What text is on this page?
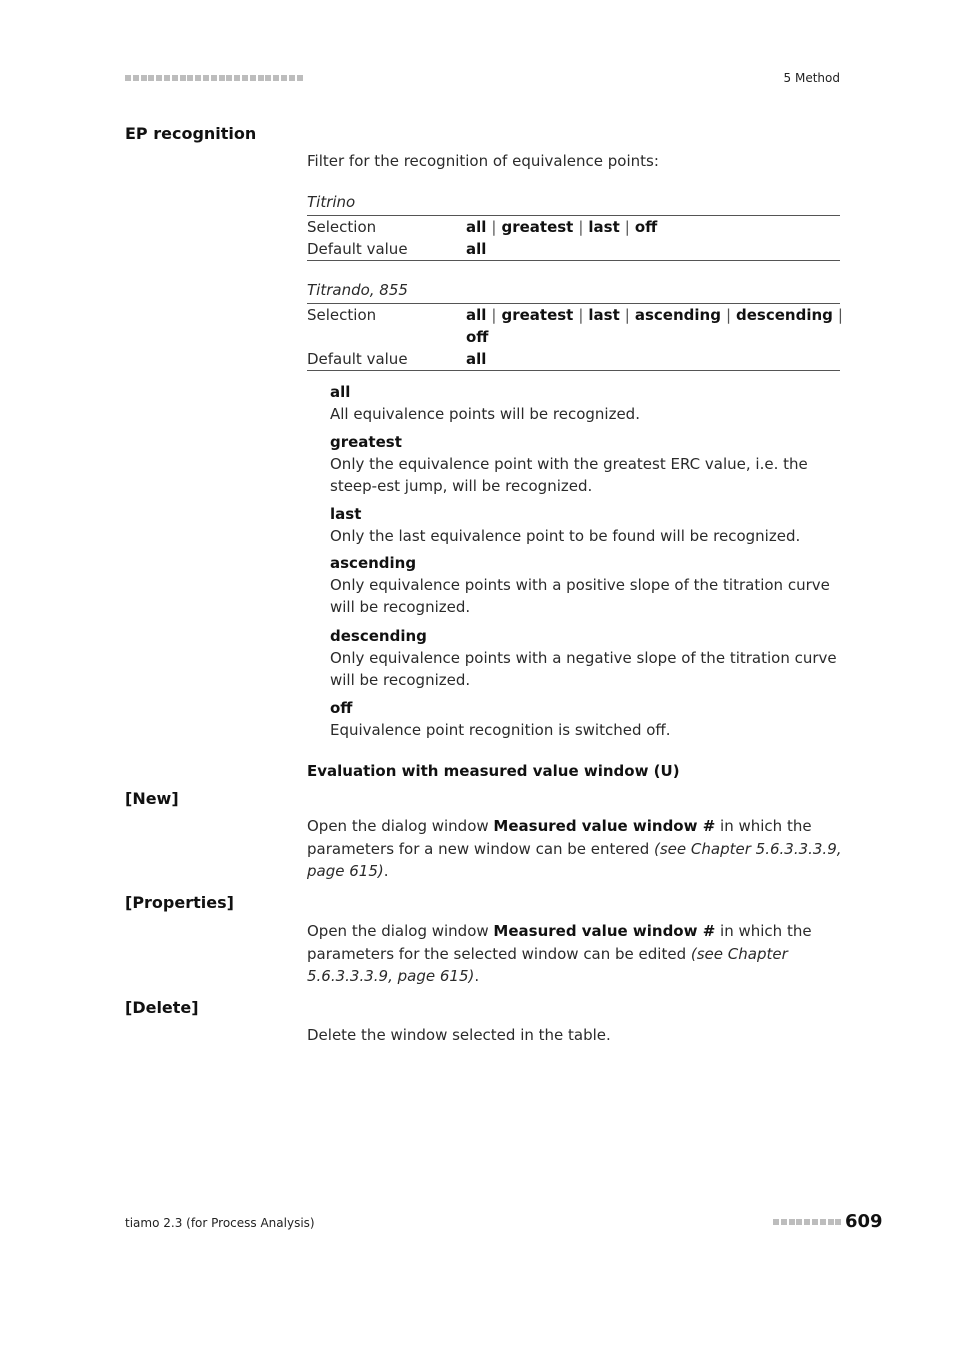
5 Method
EP recognition
Filter for the recognition of equivalence points:
Titrino
Selection	all | greatest | last | off
Default value	all
Titrando, 855
Selection	all | greatest | last | ascending | descending |
off
Default value	all
all
All equivalence points will be recognized.
greatest
Only the equivalence point with the greatest ERC value, i.e. the steep-est jump, will be recognized.
last
Only the last equivalence point to be found will be recognized.
ascending
Only equivalence points with a positive slope of the titration curve will be recognized.
descending
Only equivalence points with a negative slope of the titration curve will be recognized.
off
Equivalence point recognition is switched off.
Evaluation with measured value window (U)
[New]
Open the dialog window Measured value window # in which the parameters for a new window can be entered (see Chapter 5.6.3.3.3.9, page 615).
[Properties]
Open the dialog window Measured value window # in which the parameters for the selected window can be edited (see Chapter 5.6.3.3.3.9, page 615).
[Delete]
Delete the window selected in the table.
tiamo 2.3 (for Process Analysis)	609
